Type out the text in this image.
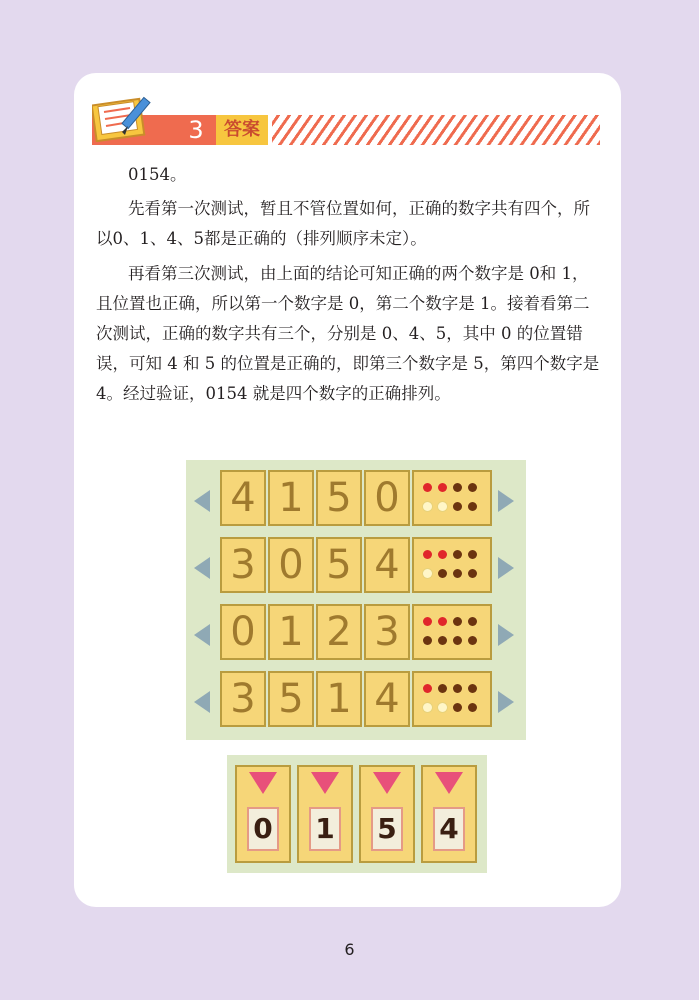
3	答案
0154。
先看第一次测试，暂且不管位置如何，正确的数字共有四个，所以0、1、4、5都是正确的（排列顺序未定）。
再看第三次测试，由上面的结论可知正确的两个数字是 0和 1，且位置也正确，所以第一个数字是 0，第二个数字是 1。接着看第二次测试，正确的数字共有三个，分别是 0、4、5，其中 0 的位置错误，可知 4 和 5 的位置是正确的，即第三个数字是 5，第四个数字是 4。经过验证，0154 就是四个数字的正确排列。
4 1 5 0
3 0 5 4
0 1 2 3
3 5 1 4
0 1 5 4
6
